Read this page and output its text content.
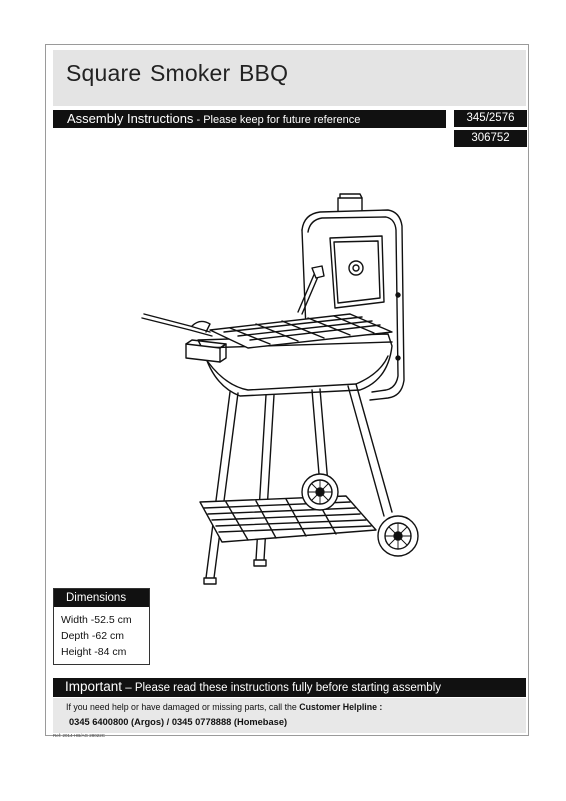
Square Smoker BBQ
Assembly Instructions - Please keep for future reference	345/2576
306752
Dimensions
Width -52.5 cm
Depth -62 cm
Height -84 cm
Important – Please read these instructions fully before starting assembly
If you need help or have damaged or missing parts, call the Customer Helpline :
0345 6400800 (Argos) / 0345 0778888 (Homebase)
Ref: 2014-HB/AG 28022C
